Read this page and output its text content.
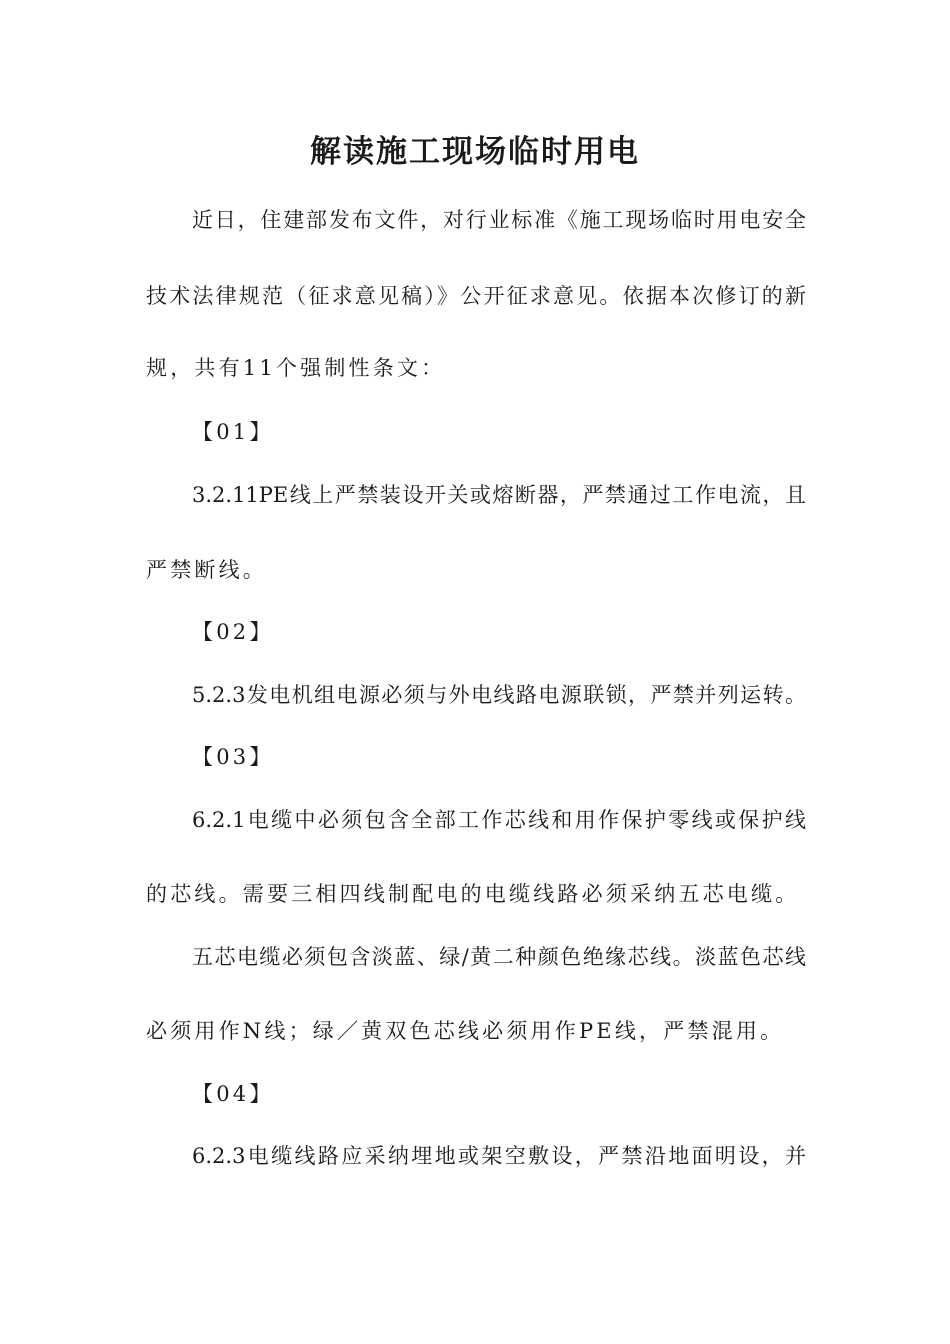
解读施工现场临时用电
近日，住建部发布文件，对行业标准《施工现场临时用电安全
技术法律规范（征求意见稿）》公开征求意见。依据本次修订的新
规，共有11个强制性条文：
【01】
3.2.11PE线上严禁装设开关或熔断器，严禁通过工作电流，且
严禁断线。
【02】
5.2.3发电机组电源必须与外电线路电源联锁，严禁并列运转。
【03】
6.2.1电缆中必须包含全部工作芯线和用作保护零线或保护线
的芯线。需要三相四线制配电的电缆线路必须采纳五芯电缆。
五芯电缆必须包含淡蓝、绿/黄二种颜色绝缘芯线。淡蓝色芯线
必须用作N线；绿／黄双色芯线必须用作PE线，严禁混用。
【04】
6.2.3电缆线路应采纳埋地或架空敷设，严禁沿地面明设，并
